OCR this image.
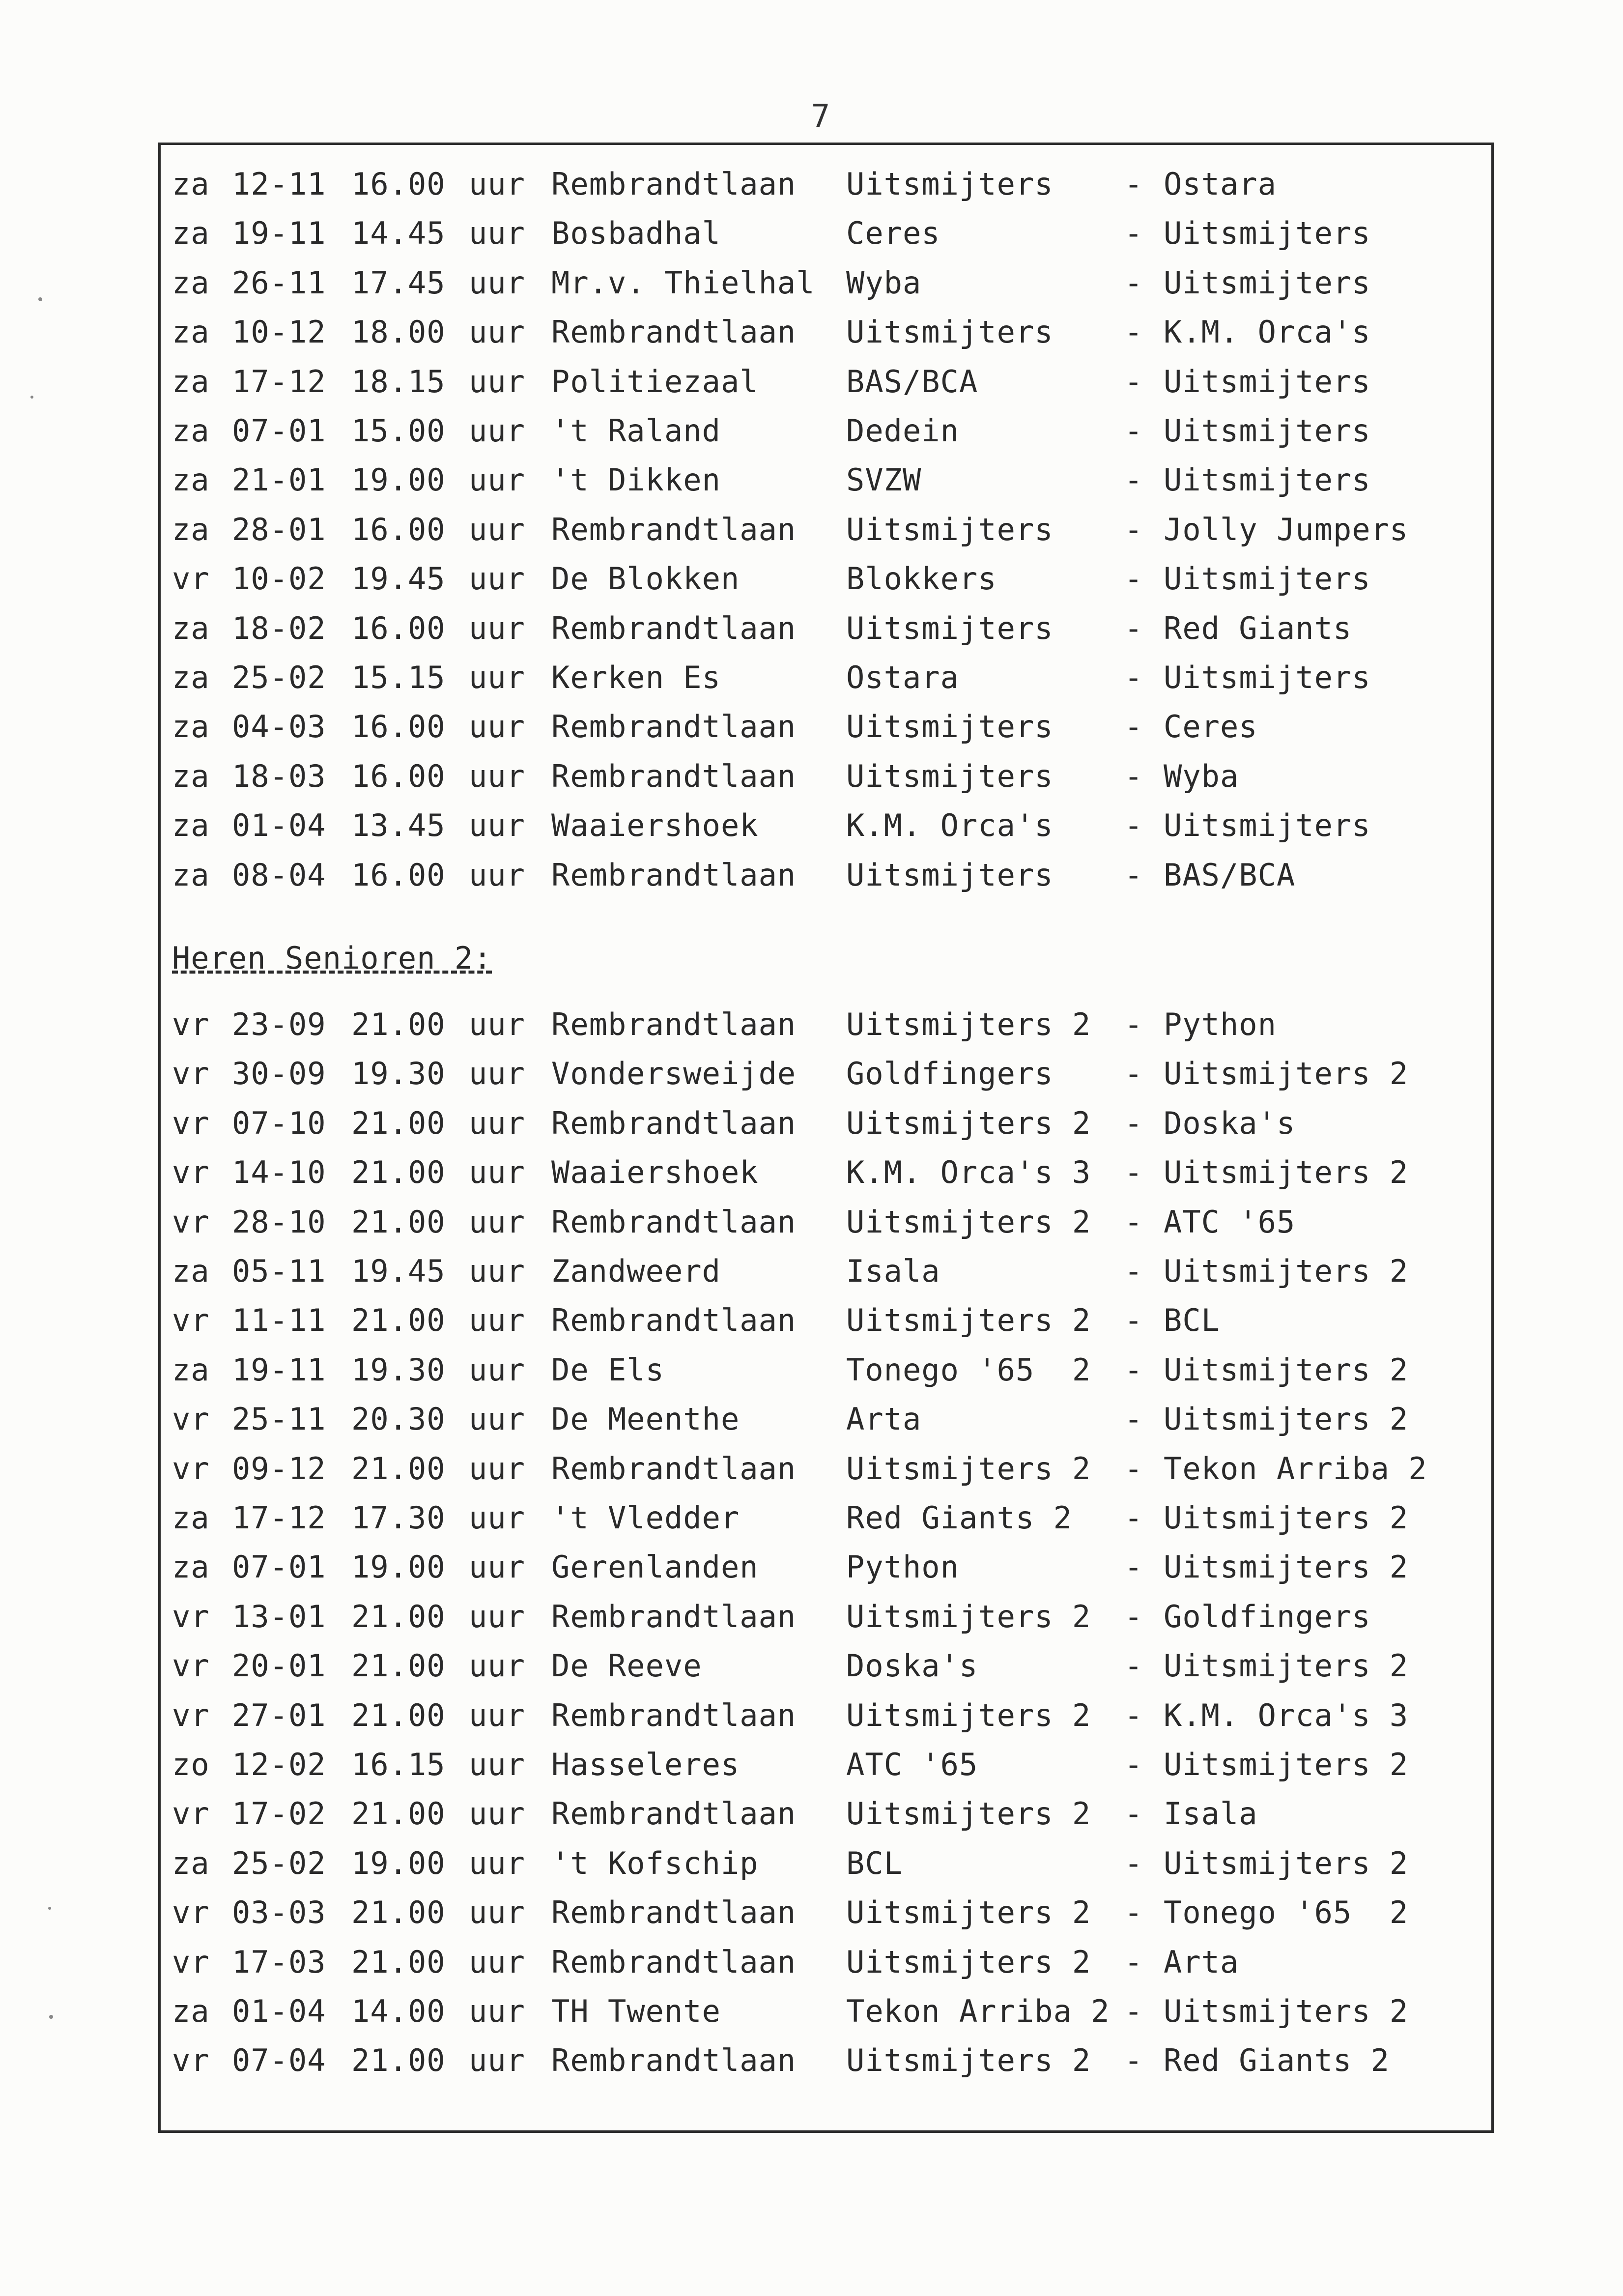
7
Heren Senioren 2:
za 12-11 16.00 uur Rembrandtlaan Uitsmijters - Ostara
za 19-11 14.45 uur Bosbadhal	Ceres	- Uitsmijters
za 26-11 17.45 uur Mr.v. Thielhal Wyba	- Uitsmijters
za 10-12 18.00 uur Rembrandtlaan Uitsmijters - K.M. Orca's
za 17-12 18.15 uur Politiezaal	BAS/BCA	- Uitsmijters
za 07-01 15.00 uur 't Raland	Dedein	- Uitsmijters
za 21-01 19.00 uur 't Dikken	SVZW	- Uitsmijters
za 28-01 16.00 uur Rembrandtlaan Uitsmijters - Jolly Jumpers
vr 10-02 19.45 uur De Blokken	Blokkers	- Uitsmijters
za 18-02 16.00 uur Rembrandtlaan Uitsmijters - Red Giants
za 25-02 15.15 uur Kerken Es	Ostara	- Uitsmijters
za 04-03 16.00 uur Rembrandtlaan Uitsmijters - Ceres
za 18-03 16.00 uur Rembrandtlaan Uitsmijters - Wyba
za 01-04 13.45 uur Waaiershoek	K.M. Orca's - Uitsmijters
za 08-04 16.00 uur Rembrandtlaan Uitsmijters - BAS/BCA
vr 23-09 21.00 uur Rembrandtlaan Uitsmijters 2 - Python
vr 30-09 19.30 uur Vondersweijde Goldfingers - Uitsmijters 2
vr 07-10 21.00 uur Rembrandtlaan Uitsmijters 2 - Doska's
vr 14-10 21.00 uur Waaiershoek	K.M. Orca's 3 - Uitsmijters 2
vr 28-10 21.00 uur Rembrandtlaan Uitsmijters 2 - ATC '65
za 05-11 19.45 uur Zandweerd	Isala	- Uitsmijters 2
vr 11-11 21.00 uur Rembrandtlaan Uitsmijters 2 - BCL
za 19-11 19.30 uur De Els	Tonego '65  2 - Uitsmijters 2
vr 25-11 20.30 uur De Meenthe	Arta	- Uitsmijters 2
vr 09-12 21.00 uur Rembrandtlaan Uitsmijters 2 - Tekon Arriba 2
za 17-12 17.30 uur 't Vledder	Red Giants 2 - Uitsmijters 2
za 07-01 19.00 uur Gerenlanden	Python	- Uitsmijters 2
vr 13-01 21.00 uur Rembrandtlaan Uitsmijters 2 - Goldfingers
vr 20-01 21.00 uur De Reeve	Doska's	- Uitsmijters 2
vr 27-01 21.00 uur Rembrandtlaan Uitsmijters 2 - K.M. Orca's 3
zo 12-02 16.15 uur Hasseleres	ATC '65	- Uitsmijters 2
vr 17-02 21.00 uur Rembrandtlaan Uitsmijters 2 - Isala
za 25-02 19.00 uur 't Kofschip	BCL	- Uitsmijters 2
vr 03-03 21.00 uur Rembrandtlaan Uitsmijters 2 - Tonego '65  2
vr 17-03 21.00 uur Rembrandtlaan Uitsmijters 2 - Arta
za 01-04 14.00 uur TH Twente	Tekon Arriba 2 - Uitsmijters 2
vr 07-04 21.00 uur Rembrandtlaan Uitsmijters 2 - Red Giants 2
